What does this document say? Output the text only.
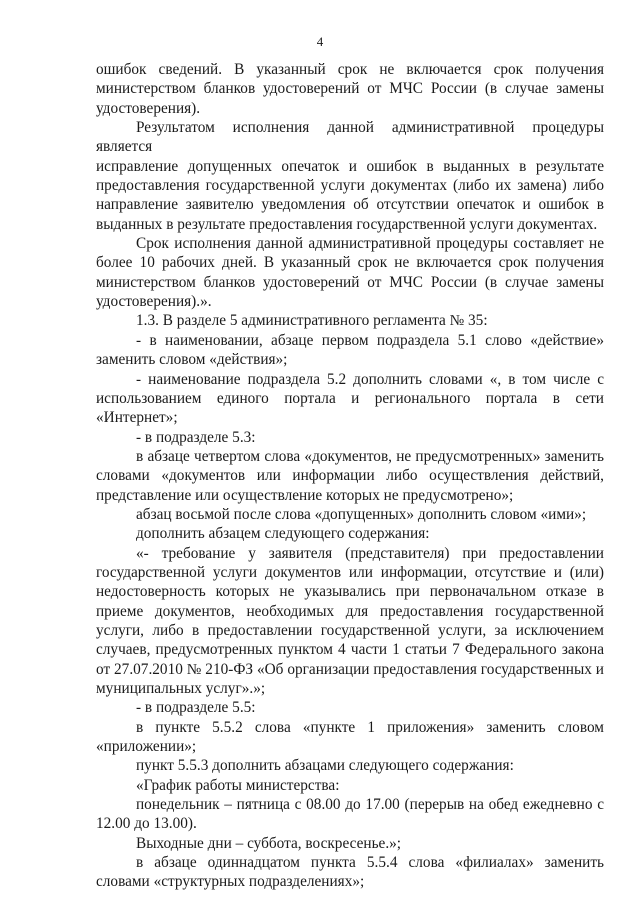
4
ошибок сведений. В указанный срок не включается срок получения
министерством бланков удостоверений от МЧС России (в случае замены
удостоверения).
Результатом исполнения данной административной процедуры является
исправление допущенных опечаток и ошибок в выданных в результате
предоставления государственной услуги документах (либо их замена) либо
направление заявителю уведомления об отсутствии опечаток и ошибок в
выданных в результате предоставления государственной услуги документах.
Срок исполнения данной административной процедуры составляет не
более 10 рабочих дней. В указанный срок не включается срок получения
министерством бланков удостоверений от МЧС России (в случае замены
удостоверения).».
1.3. В разделе 5 административного регламента № 35:
- в наименовании, абзаце первом подраздела 5.1 слово «действие»
заменить словом «действия»;
- наименование подраздела 5.2 дополнить словами «, в том числе с
использованием единого портала и регионального портала в сети
«Интернет»;
- в подразделе 5.3:
в абзаце четвертом слова «документов, не предусмотренных» заменить
словами «документов или информации либо осуществления действий,
представление или осуществление которых не предусмотрено»;
абзац восьмой после слова «допущенных» дополнить словом «ими»;
дополнить абзацем следующего содержания:
«- требование у заявителя (представителя) при предоставлении
государственной услуги документов или информации, отсутствие и (или)
недостоверность которых не указывались при первоначальном отказе в
приеме документов, необходимых для предоставления государственной
услуги, либо в предоставлении государственной услуги, за исключением
случаев, предусмотренных пунктом 4 части 1 статьи 7 Федерального закона
от 27.07.2010 № 210-ФЗ «Об организации предоставления государственных и
муниципальных услуг».»;
- в подразделе 5.5:
в пункте 5.5.2 слова «пункте 1 приложения» заменить словом
«приложении»;
пункт 5.5.3 дополнить абзацами следующего содержания:
«График работы министерства:
понедельник – пятница с 08.00 до 17.00 (перерыв на обед ежедневно с
12.00 до 13.00).
Выходные дни – суббота, воскресенье.»;
в абзаце одиннадцатом пункта 5.5.4 слова «филиалах» заменить
словами «структурных подразделениях»;
